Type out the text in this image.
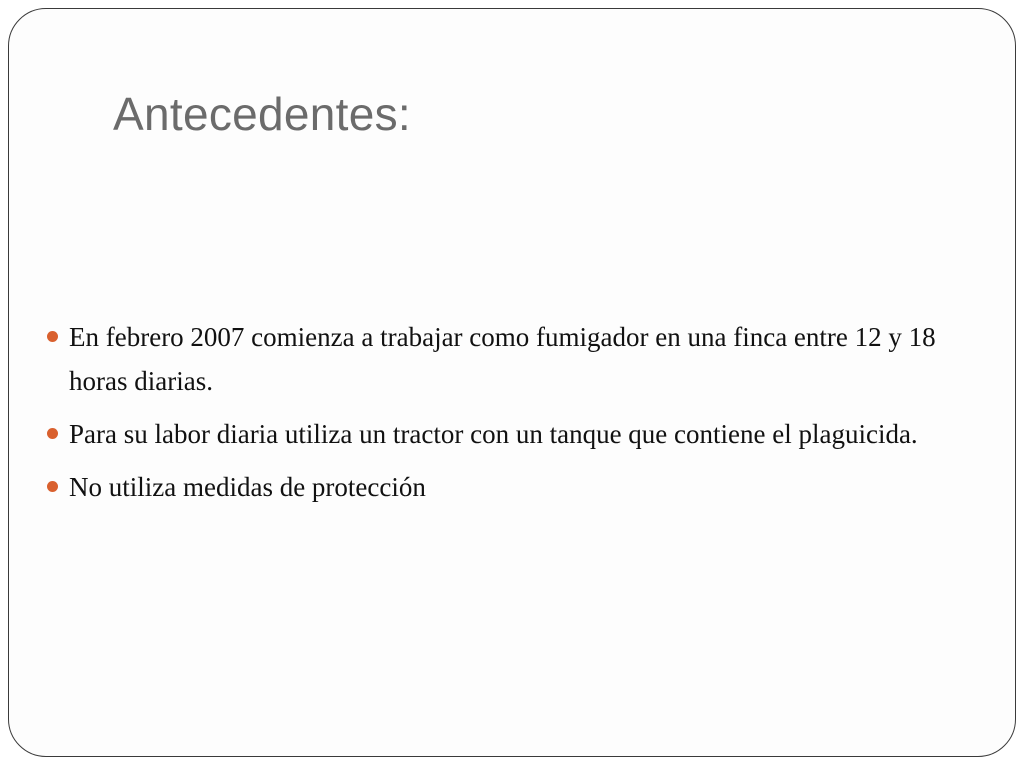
Antecedentes:
En febrero 2007 comienza a trabajar como fumigador en una finca entre 12 y 18 horas diarias.
Para su labor diaria utiliza un tractor con un tanque que contiene el plaguicida.
No utiliza medidas de protección
